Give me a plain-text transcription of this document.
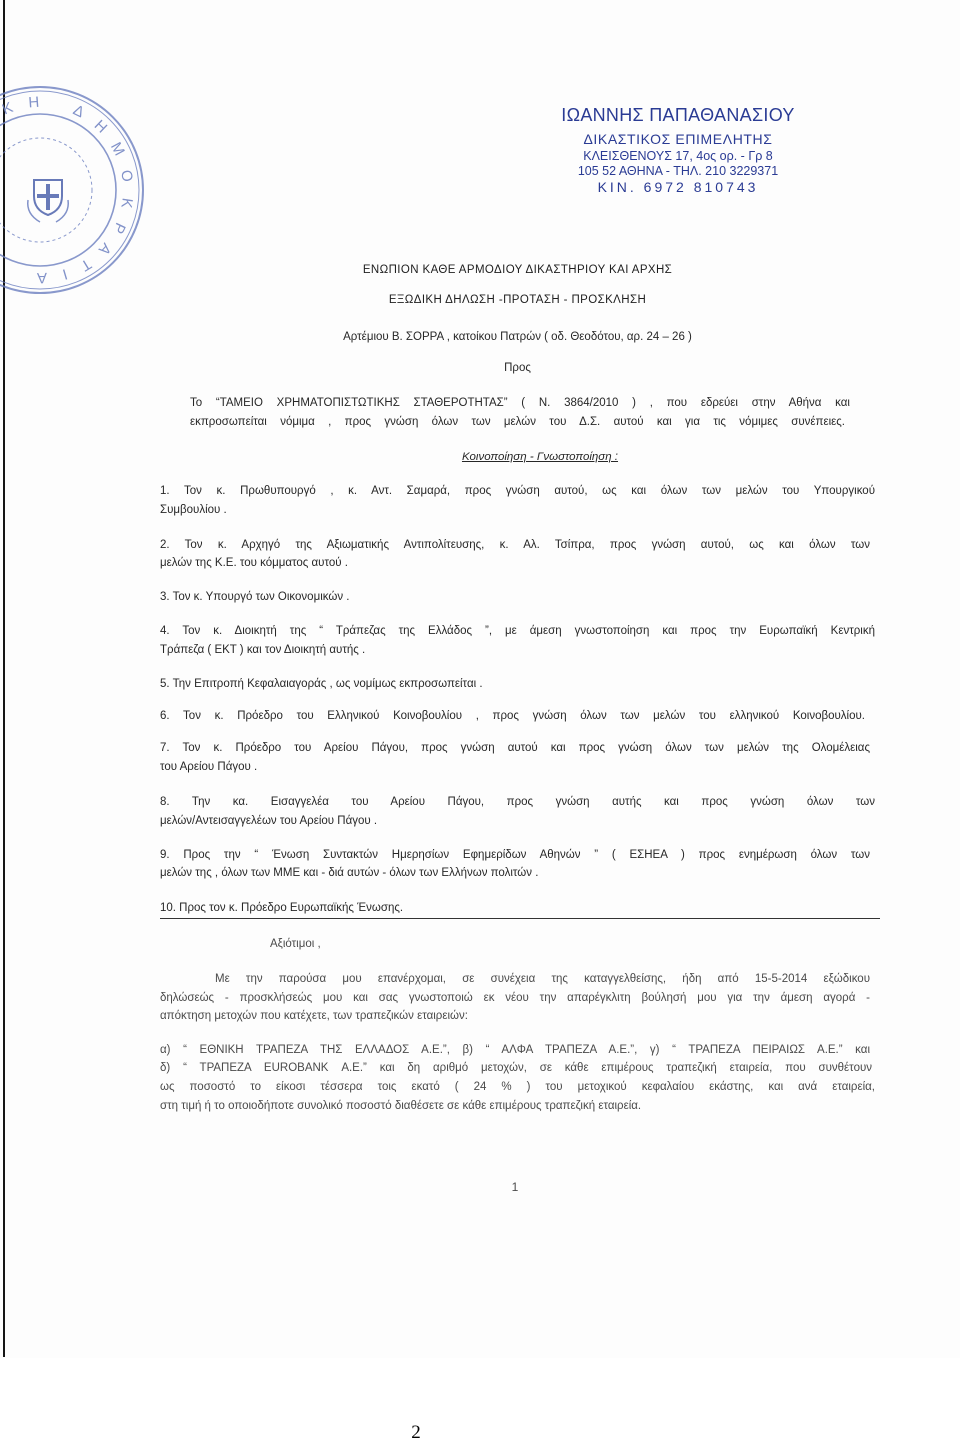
ΚΗ ΔΗΜΟΚΡΑΤΙΑ
ΙΩΑΝΝΗΣ ΠΑΠΑΘΑΝΑΣΙΟΥ
ΔΙΚΑΣΤΙΚΟΣ ΕΠΙΜΕΛΗΤΗΣ
ΚΛΕΙΣΘΕΝΟΥΣ 17, 4ος ορ. - Γρ 8
105 52 ΑΘΗΝΑ - ΤΗΛ. 210 3229371
ΚΙΝ. 6972 810743
ΕΝΩΠΙΟΝ ΚΑΘΕ ΑΡΜΟΔΙΟΥ ΔΙΚΑΣΤΗΡΙΟΥ ΚΑΙ ΑΡΧΗΣ
ΕΞΩΔΙΚΗ ΔΗΛΩΣΗ -ΠΡΟΤΑΣΗ - ΠΡΟΣΚΛΗΣΗ
Αρτέμιου Β. ΣΟΡΡΑ , κατοίκου Πατρών ( οδ. Θεοδότου, αρ. 24 – 26 )
Προς
Το “ΤΑΜΕΙΟ ΧΡΗΜΑΤΟΠΙΣΤΩΤΙΚΗΣ ΣΤΑΘΕΡΟΤΗΤΑΣ” ( Ν. 3864/2010 ) , που εδρεύει στην Αθήνα και
εκπροσωπείται νόμιμα , προς γνώση όλων των μελών του Δ.Σ. αυτού και για τις νόμιμες συνέπειες.
Κοινοποίηση - Γνωστοποίηση :
1. Τον κ. Πρωθυπουργό , κ. Αντ. Σαμαρά, προς γνώση αυτού, ως και όλων των μελών του Υπουργικού
Συμβουλίου .
2. Τον κ. Αρχηγό της Αξιωματικής Αντιπολίτευσης, κ. Αλ. Τσίπρα, προς γνώση αυτού, ως και όλων των
μελών της Κ.Ε. του κόμματος αυτού .
3. Τον κ. Υπουργό των Οικονομικών .
4. Τον κ. Διοικητή της “ Τράπεζας της Ελλάδος ”, με άμεση γνωστοποίηση και προς την Ευρωπαϊκή Κεντρική
Τράπεζα ( ΕΚΤ ) και τον Διοικητή αυτής .
5. Την Επιτροπή Κεφαλαιαγοράς , ως νομίμως εκπροσωπείται .
6. Τον κ. Πρόεδρο του Ελληνικού Κοινοβουλίου , προς γνώση όλων των μελών του ελληνικού Κοινοβουλίου.
7. Τον κ. Πρόεδρο του Αρείου Πάγου, προς γνώση αυτού και προς γνώση όλων των μελών της Ολομέλειας
του Αρείου Πάγου .
8. Την κα. Εισαγγελέα του Αρείου Πάγου, προς γνώση αυτής και προς γνώση όλων των
μελών/Αντεισαγγελέων του Αρείου Πάγου .
9. Προς την “ Ένωση Συντακτών Ημερησίων Εφημερίδων Αθηνών ” ( ΕΣΗΕΑ ) προς ενημέρωση όλων των
μελών της , όλων των ΜΜΕ και - διά αυτών - όλων των Ελλήνων πολιτών .
10. Προς τον κ. Πρόεδρο Ευρωπαϊκής Ένωσης.
Αξιότιμοι ,
Με την παρούσα μου επανέρχομαι, σε συνέχεια της καταγγελθείσης, ήδη από 15-5-2014 εξώδικου
δηλώσεώς - προσκλήσεώς μου και σας γνωστοποιώ εκ νέου την απαρέγκλιτη βούλησή μου για την άμεση αγορά -
απόκτηση μετοχών που κατέχετε, των τραπεζικών εταιρειών:
α) “ ΕΘΝΙΚΗ ΤΡΑΠΕΖΑ ΤΗΣ ΕΛΛΑΔΟΣ Α.Ε.”, β) “ ΑΛΦΑ ΤΡΑΠΕΖΑ Α.Ε.”, γ) “ ΤΡΑΠΕΖΑ ΠΕΙΡΑΙΩΣ Α.Ε.” και
δ) “ ΤΡΑΠΕΖΑ EUROBANK Α.Ε.” και δη αριθμό μετοχών, σε κάθε επιμέρους τραπεζική εταιρεία, που συνθέτουν
ως ποσοστό το είκοσι τέσσερα τοις εκατό ( 24 % ) του μετοχικού κεφαλαίου εκάστης, και ανά εταιρεία,
στη τιμή ή το οποιοδήποτε συνολικό ποσοστό διαθέσετε σε κάθε επιμέρους τραπεζική εταιρεία.
1
2
